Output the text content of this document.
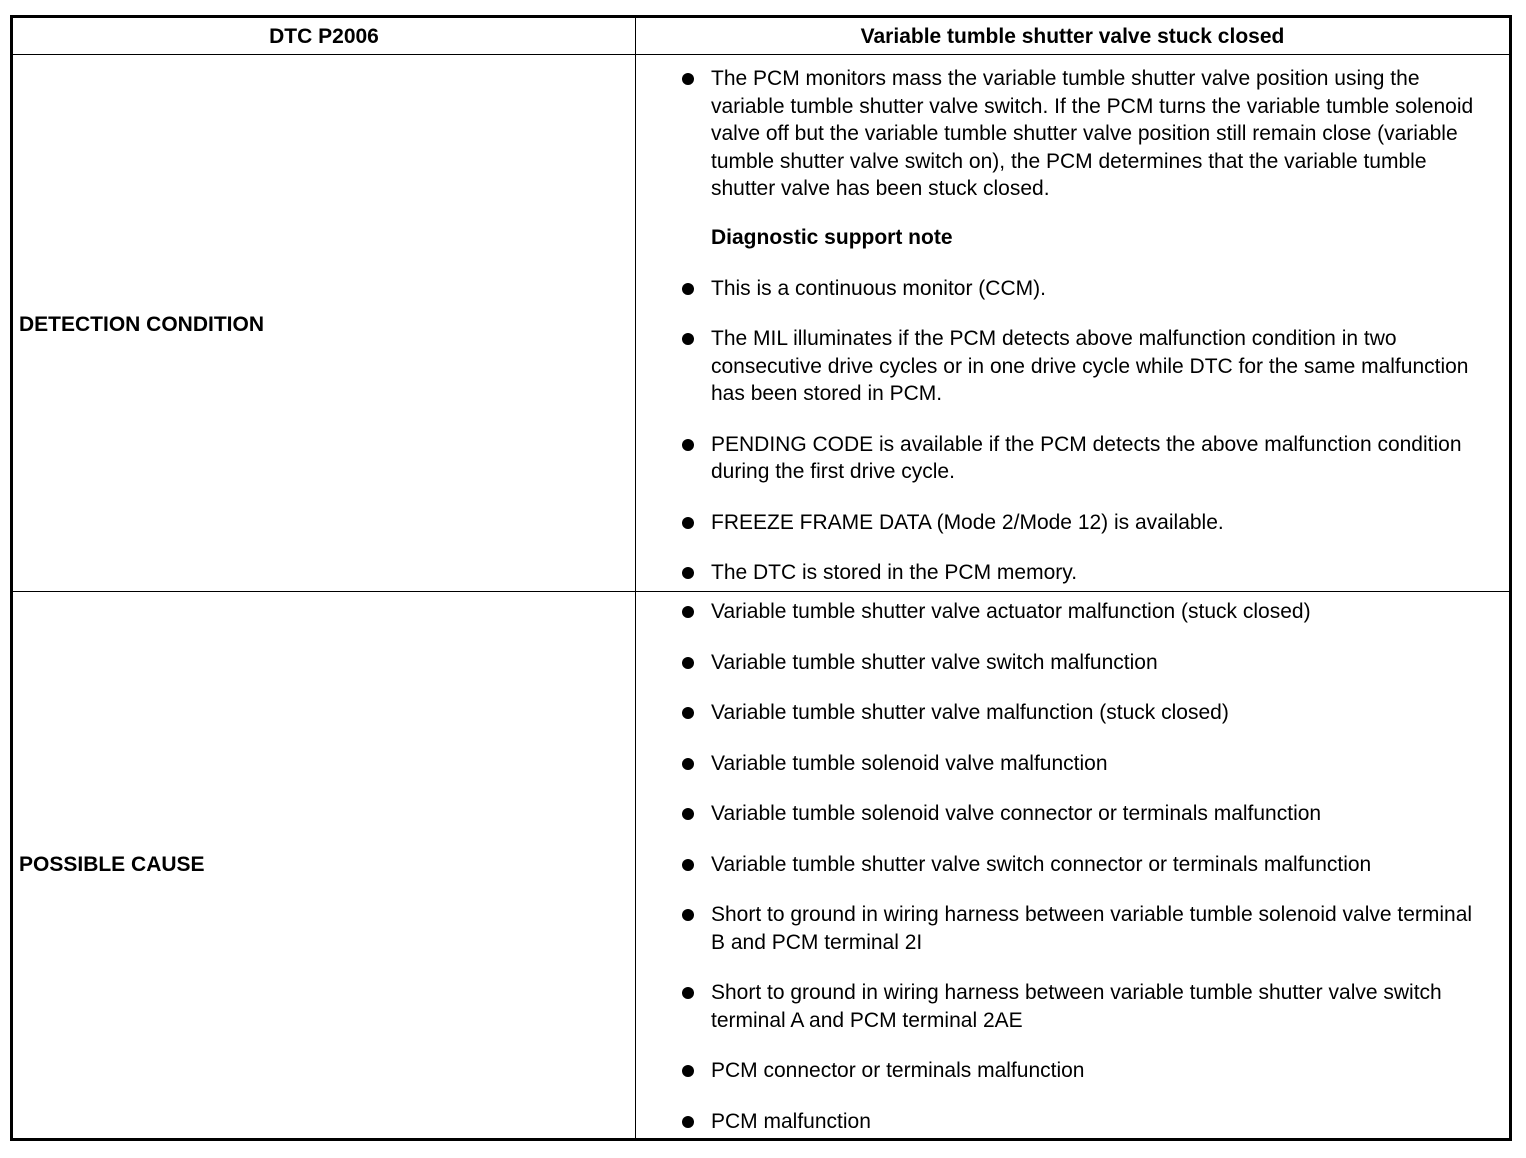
DTC P2006	Variable tumble shutter valve stuck closed
DETECTION CONDITION
The PCM monitors mass the variable tumble shutter valve position using the variable tumble shutter valve switch. If the PCM turns the variable tumble solenoid valve off but the variable tumble shutter valve position still remain close (variable tumble shutter valve switch on), the PCM determines that the variable tumble shutter valve has been stuck closed.
Diagnostic support note
This is a continuous monitor (CCM).
The MIL illuminates if the PCM detects above malfunction condition in two consecutive drive cycles or in one drive cycle while DTC for the same malfunction has been stored in PCM.
PENDING CODE is available if the PCM detects the above malfunction condition during the first drive cycle.
FREEZE FRAME DATA (Mode 2/Mode 12) is available.
The DTC is stored in the PCM memory.
POSSIBLE CAUSE
Variable tumble shutter valve actuator malfunction (stuck closed)
Variable tumble shutter valve switch malfunction
Variable tumble shutter valve malfunction (stuck closed)
Variable tumble solenoid valve malfunction
Variable tumble solenoid valve connector or terminals malfunction
Variable tumble shutter valve switch connector or terminals malfunction
Short to ground in wiring harness between variable tumble solenoid valve terminal B and PCM terminal 2I
Short to ground in wiring harness between variable tumble shutter valve switch terminal A and PCM terminal 2AE
PCM connector or terminals malfunction
PCM malfunction
